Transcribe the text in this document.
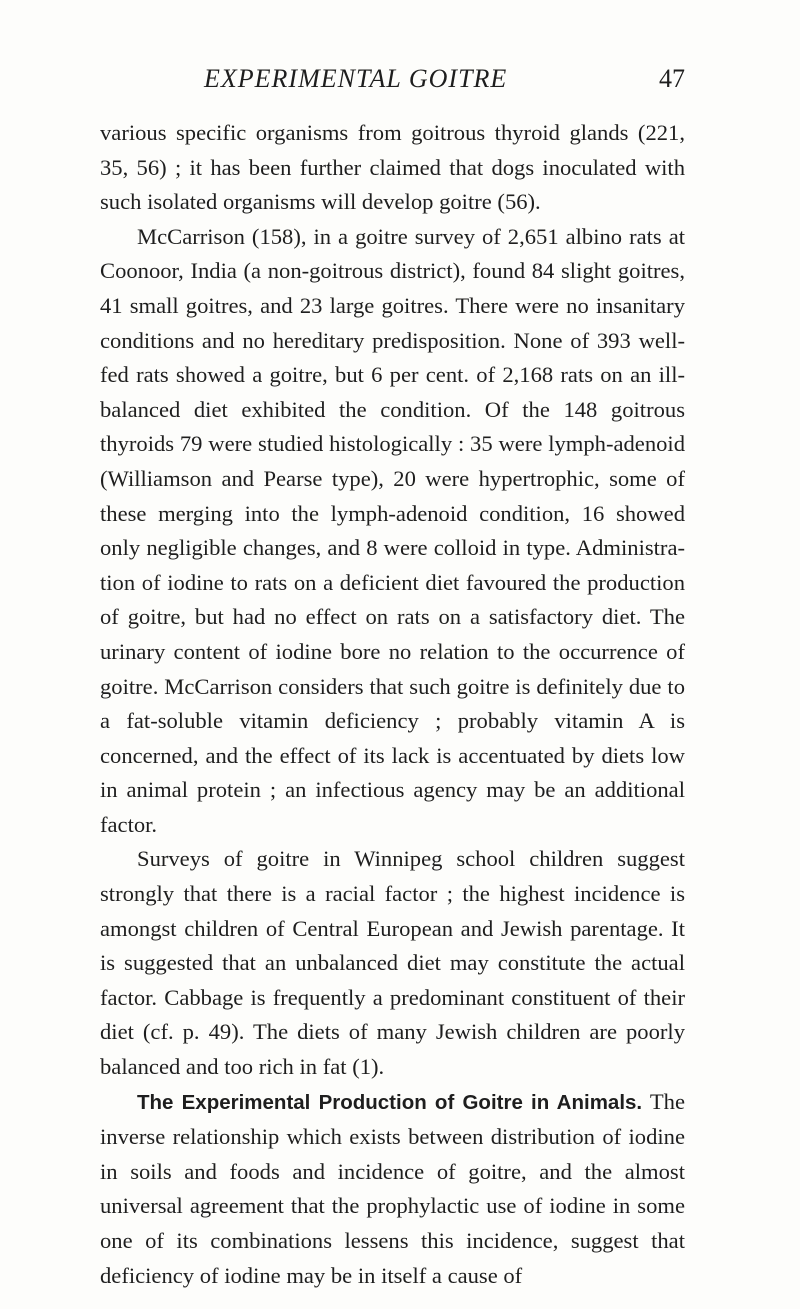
EXPERIMENTAL GOITRE	47

various specific organisms from goitrous thyroid glands (221, 35, 56) ; it has been further claimed that dogs inoculated with such isolated organisms will develop goitre (56).

McCarrison (158), in a goitre survey of 2,651 albino rats at Coonoor, India (a non-goitrous district), found 84 slight goitres, 41 small goitres, and 23 large goitres. There were no insanitary conditions and no hereditary predisposition. None of 393 well-fed rats showed a goitre, but 6 per cent. of 2,168 rats on an ill-balanced diet exhibited the condition. Of the 148 goitrous thyroids 79 were studied histologically : 35 were lymph-adenoid (Williamson and Pearse type), 20 were hypertrophic, some of these merging into the lymph-adenoid condition, 16 showed only negligible changes, and 8 were colloid in type. Administration of iodine to rats on a deficient diet favoured the production of goitre, but had no effect on rats on a satisfactory diet. The urinary content of iodine bore no relation to the occurrence of goitre. McCarrison considers that such goitre is definitely due to a fat-soluble vitamin deficiency ; probably vitamin A is concerned, and the effect of its lack is accentuated by diets low in animal protein ; an infectious agency may be an additional factor.

Surveys of goitre in Winnipeg school children suggest strongly that there is a racial factor ; the highest incidence is amongst children of Central European and Jewish parentage. It is suggested that an unbalanced diet may constitute the actual factor. Cabbage is frequently a predominant constituent of their diet (cf. p. 49). The diets of many Jewish children are poorly balanced and too rich in fat (1).

The Experimental Production of Goitre in Animals. The inverse relationship which exists between distribution of iodine in soils and foods and incidence of goitre, and the almost universal agreement that the prophylactic use of iodine in some one of its combinations lessens this incidence, suggest that deficiency of iodine may be in itself a cause of
